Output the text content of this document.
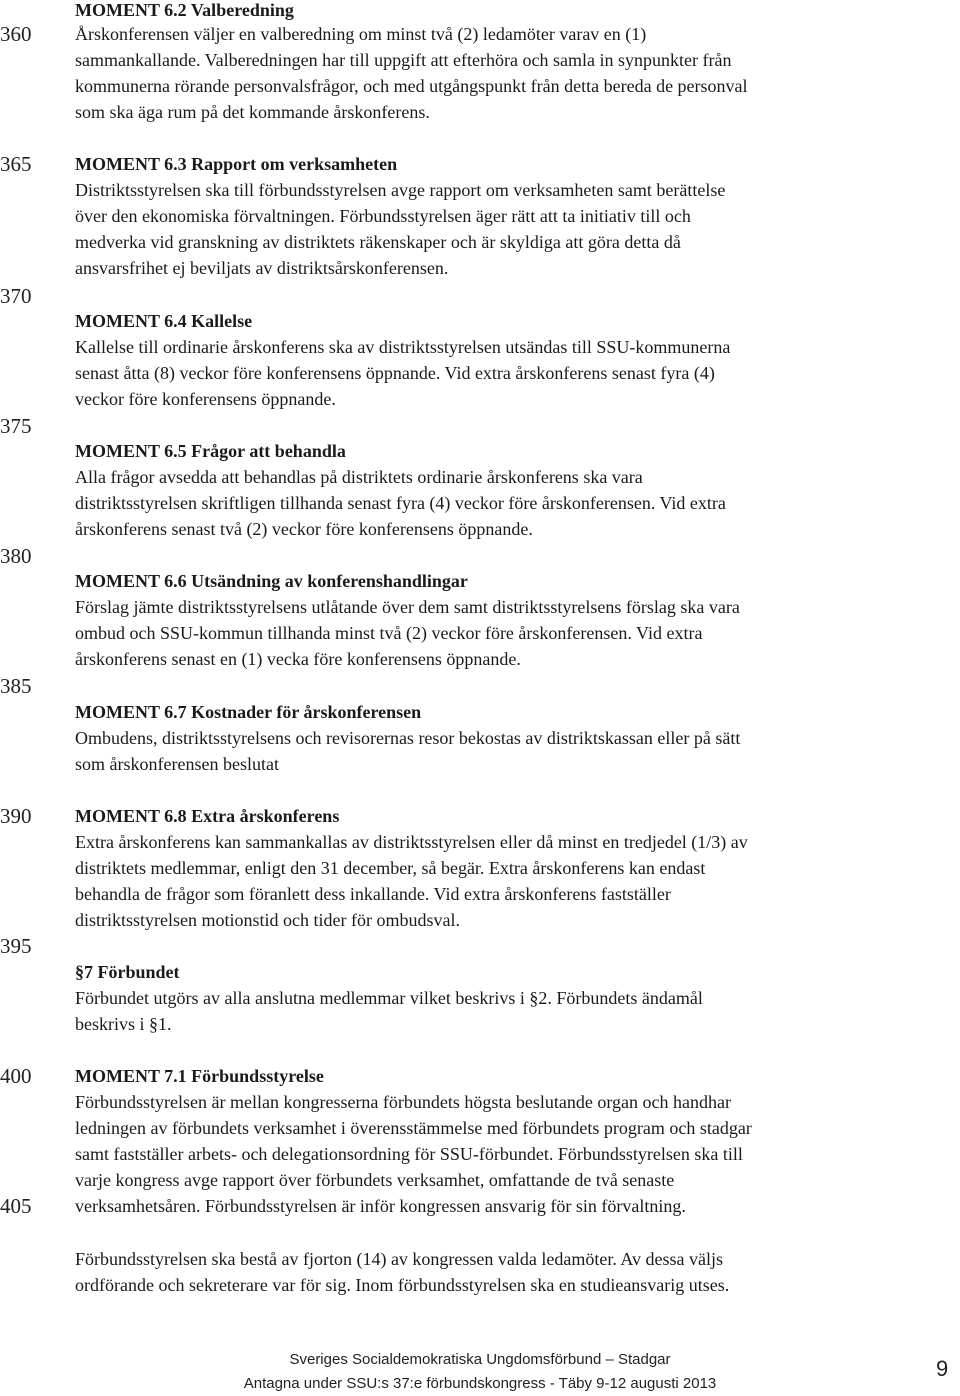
360
365
370
375
380
385
390
395
400
405
MOMENT 6.2 Valberedning
Årskonferensen väljer en valberedning om minst två (2) ledamöter varav en (1)
sammankallande. Valberedningen har till uppgift att efterhöra och samla in synpunkter från
kommunerna rörande personvalsfrågor, och med utgångspunkt från detta bereda de personval
som ska äga rum på det kommande årskonferens.
MOMENT 6.3 Rapport om verksamheten
Distriktsstyrelsen ska till förbundsstyrelsen avge rapport om verksamheten samt berättelse
över den ekonomiska förvaltningen. Förbundsstyrelsen äger rätt att ta initiativ till och
medverka vid granskning av distriktets räkenskaper och är skyldiga att göra detta då
ansvarsfrihet ej beviljats av distriktsårskonferensen.
MOMENT 6.4 Kallelse
Kallelse till ordinarie årskonferens ska av distriktsstyrelsen utsändas till SSU-kommunerna
senast åtta (8) veckor före konferensens öppnande. Vid extra årskonferens senast fyra (4)
veckor före konferensens öppnande.
MOMENT 6.5 Frågor att behandla
Alla frågor avsedda att behandlas på distriktets ordinarie årskonferens ska vara
distriktsstyrelsen skriftligen tillhanda senast fyra (4) veckor före årskonferensen. Vid extra
årskonferens senast två (2) veckor före konferensens öppnande.
MOMENT 6.6 Utsändning av konferenshandlingar
Förslag jämte distriktsstyrelsens utlåtande över dem samt distriktsstyrelsens förslag ska vara
ombud och SSU-kommun tillhanda minst två (2) veckor före årskonferensen. Vid extra
årskonferens senast en (1) vecka före konferensens öppnande.
MOMENT 6.7 Kostnader för årskonferensen
Ombudens, distriktsstyrelsens och revisorernas resor bekostas av distriktskassan eller på sätt
som årskonferensen beslutat
MOMENT 6.8 Extra årskonferens
Extra årskonferens kan sammankallas av distriktsstyrelsen eller då minst en tredjedel (1/3) av
distriktets medlemmar, enligt den 31 december, så begär. Extra årskonferens kan endast
behandla de frågor som föranlett dess inkallande. Vid extra årskonferens fastställer
distriktsstyrelsen motionstid och tider för ombudsval.
§7 Förbundet
Förbundet utgörs av alla anslutna medlemmar vilket beskrivs i §2. Förbundets ändamål
beskrivs i §1.
MOMENT 7.1 Förbundsstyrelse
Förbundsstyrelsen är mellan kongresserna förbundets högsta beslutande organ och handhar
ledningen av förbundets verksamhet i överensstämmelse med förbundets program och stadgar
samt fastställer arbets- och delegationsordning för SSU-förbundet. Förbundsstyrelsen ska till
varje kongress avge rapport över förbundets verksamhet, omfattande de två senaste
verksamhetsåren. Förbundsstyrelsen är inför kongressen ansvarig för sin förvaltning.
Förbundsstyrelsen ska bestå av fjorton (14) av kongressen valda ledamöter. Av dessa väljs
ordförande och sekreterare var för sig. Inom förbundsstyrelsen ska en studieansvarig utses.
Sveriges Socialdemokratiska Ungdomsförbund – Stadgar
Antagna under SSU:s 37:e förbundskongress - Täby 9-12 augusti 2013
9
